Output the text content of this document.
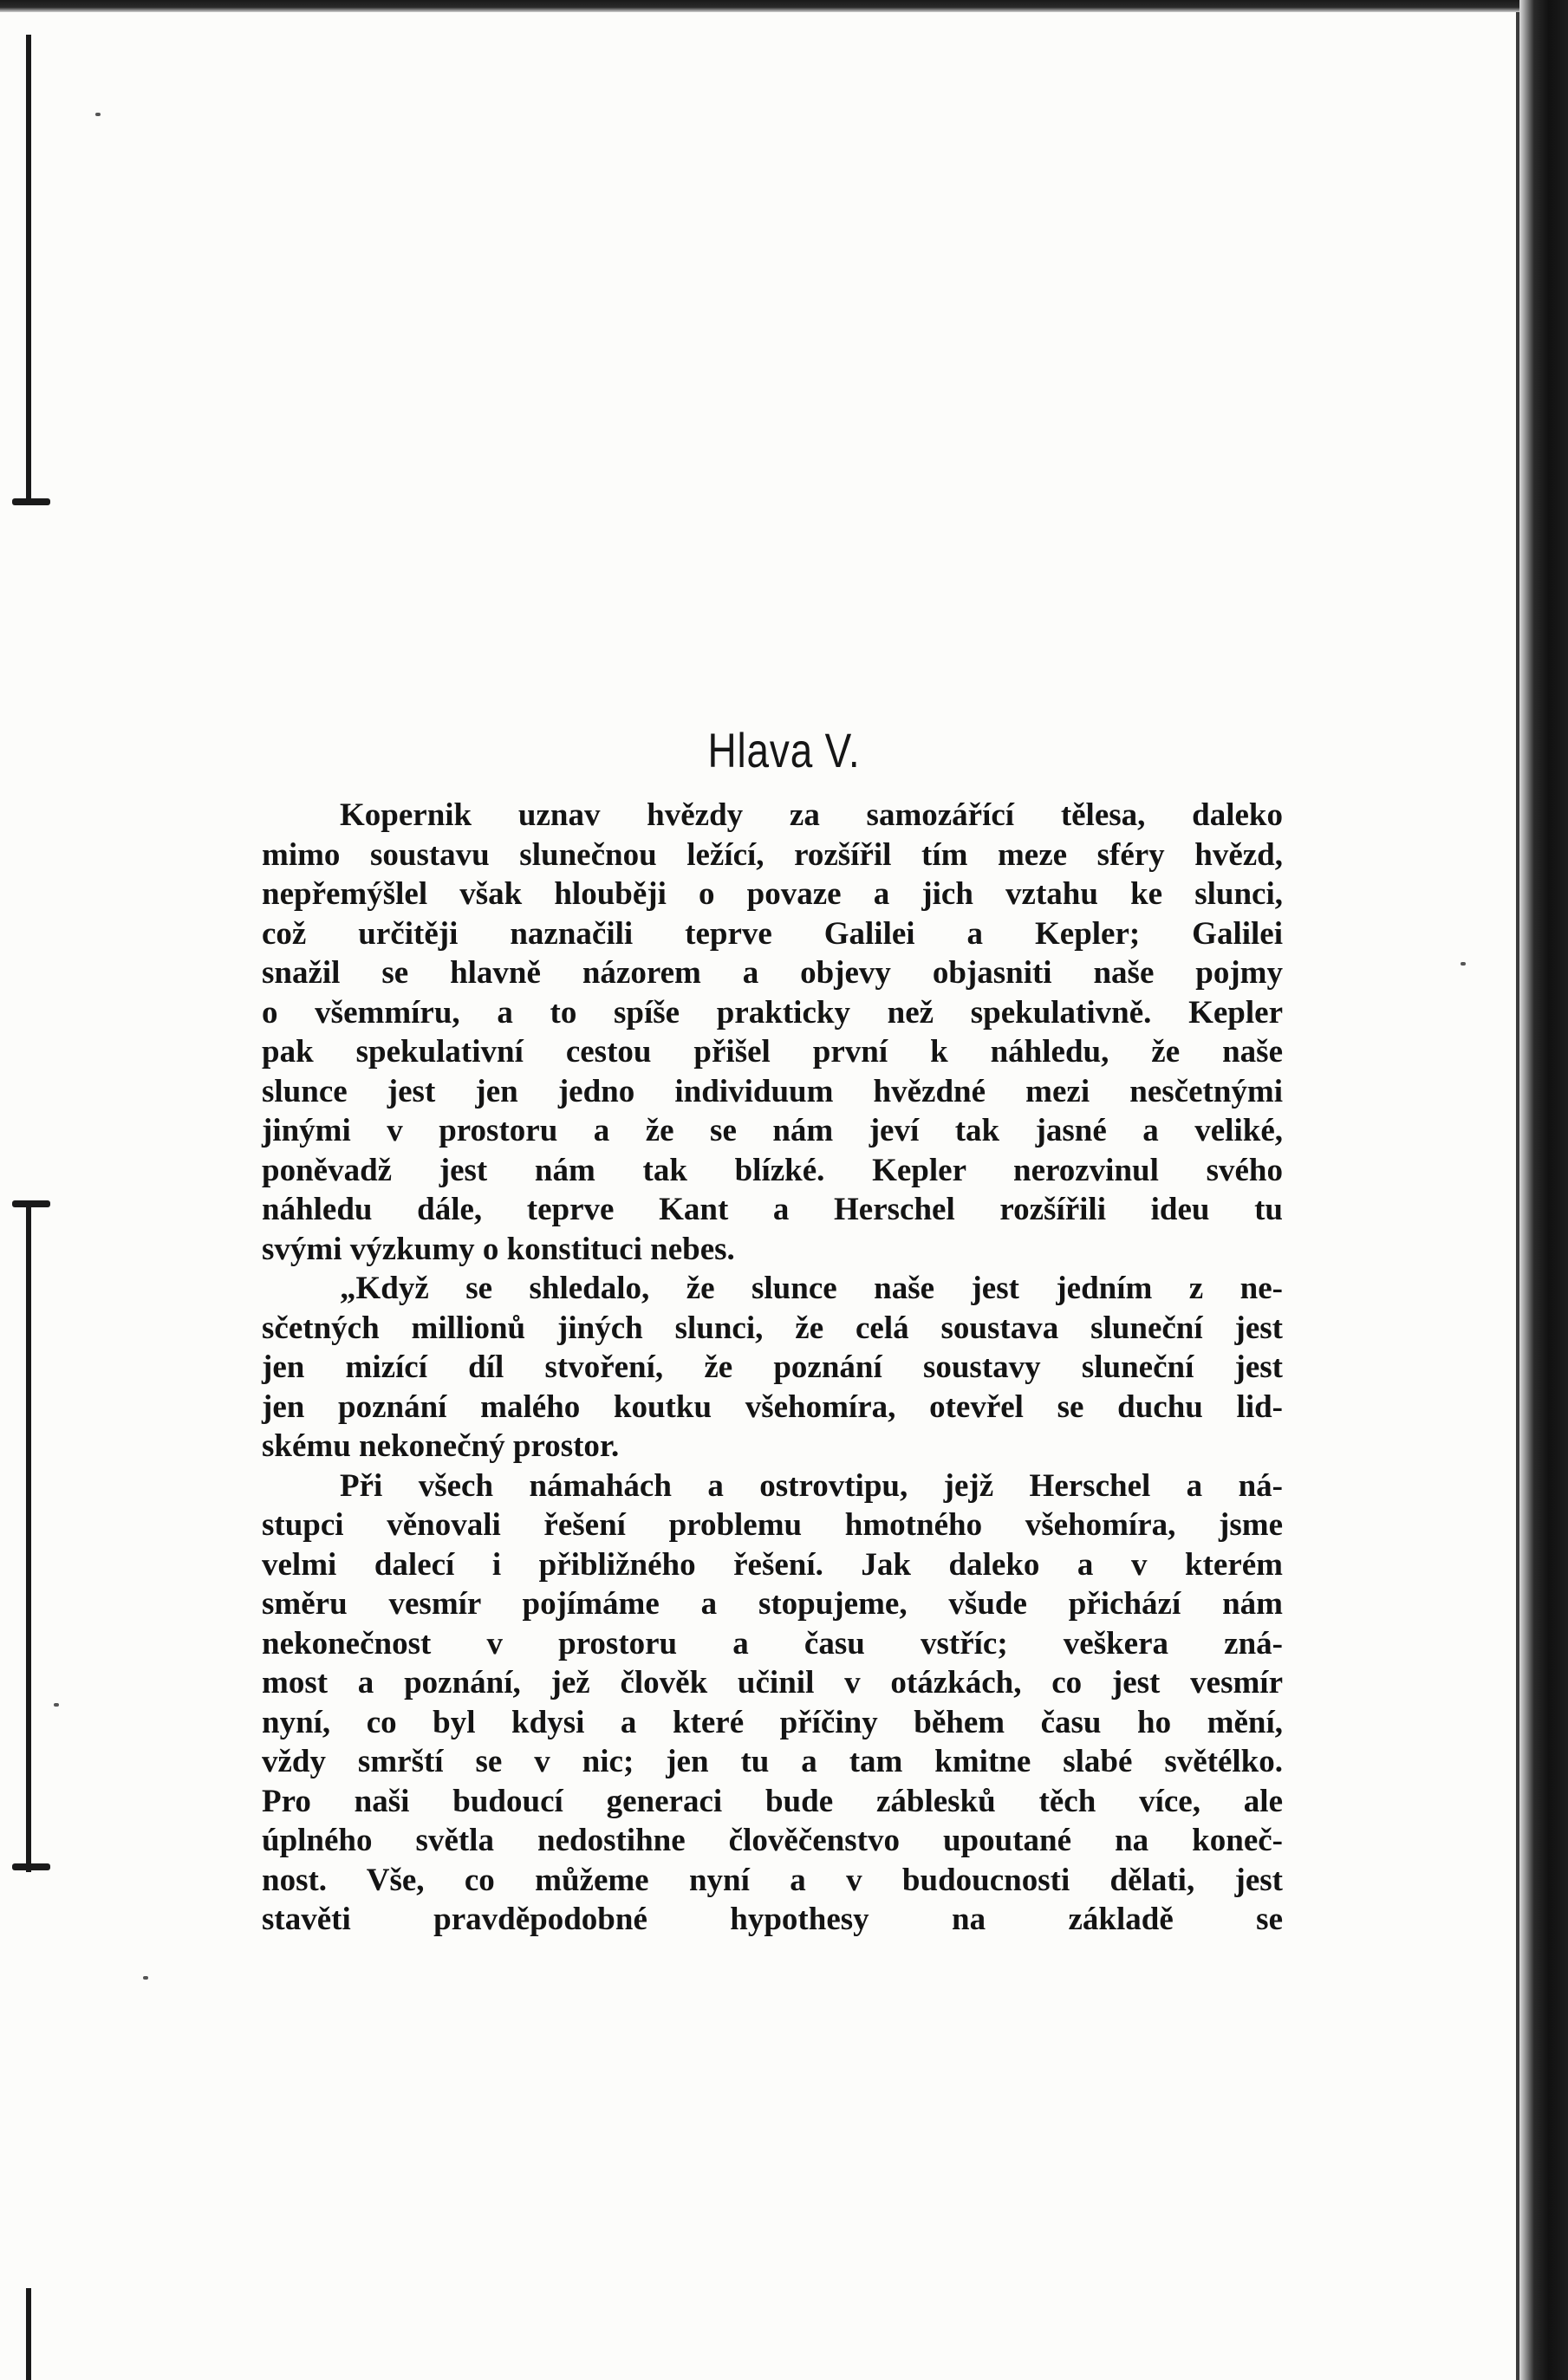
Hlava V.
Kopernik uznav hvězdy za samozářící tělesa, daleko
mimo soustavu slunečnou ležící, rozšířil tím meze sféry hvězd,
nepřemýšlel však hlouběji o povaze a jich vztahu ke slunci,
což určitěji naznačili teprve Galilei a Kepler; Galilei
snažil se hlavně názorem a objevy objasniti naše pojmy
o všemmíru, a to spíše prakticky než spekulativně. Kepler
pak spekulativní cestou přišel první k náhledu, že naše
slunce jest jen jedno individuum hvězdné mezi nesčetnými
jinými v prostoru a že se nám jeví tak jasné a veliké,
poněvadž jest nám tak blízké. Kepler nerozvinul svého
náhledu dále, teprve Kant a Herschel rozšířili ideu tu
svými výzkumy o konstituci nebes.
„Když se shledalo, že slunce naše jest jedním z ne-
sčetných millionů jiných slunci, že celá soustava sluneční jest
jen mizící díl stvoření, že poznání soustavy sluneční jest
jen poznání malého koutku všehomíra, otevřel se duchu lid-
skému nekonečný prostor.
Při všech námahách a ostrovtipu, jejž Herschel a ná-
stupci věnovali řešení problemu hmotného všehomíra, jsme
velmi dalecí i přibližného řešení. Jak daleko a v kterém
směru vesmír pojímáme a stopujeme, všude přichází nám
nekonečnost v prostoru a času vstříc; veškera zná-
most a poznání, jež člověk učinil v otázkách, co jest vesmír
nyní, co byl kdysi a které příčiny během času ho mění,
vždy smrští se v nic; jen tu a tam kmitne slabé světélko.
Pro naši budoucí generaci bude záblesků těch více, ale
úplného světla nedostihne člověčenstvo upoutané na koneč-
nost. Vše, co můžeme nyní a v budoucnosti dělati, jest
stavěti pravděpodobné hypothesy na základě se
